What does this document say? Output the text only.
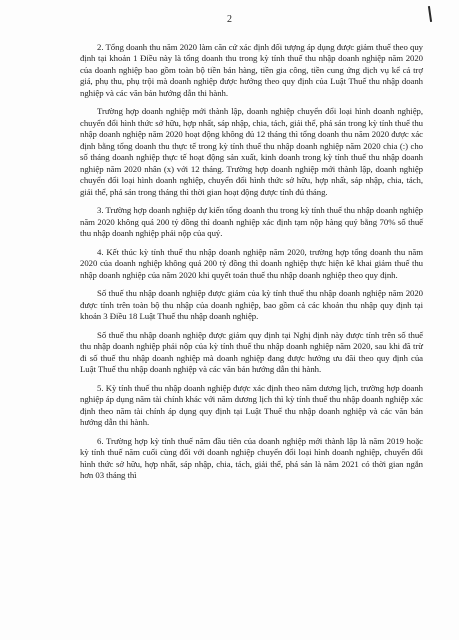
2

2. Tổng doanh thu năm 2020 làm căn cứ xác định đối tượng áp dụng được giảm thuế theo quy định tại khoản 1 Điều này là tổng doanh thu trong kỳ tính thuế thu nhập doanh nghiệp năm 2020 của doanh nghiệp bao gồm toàn bộ tiền bán hàng, tiền gia công, tiền cung ứng dịch vụ kể cả trợ giá, phụ thu, phụ trội mà doanh nghiệp được hưởng theo quy định của Luật Thuế thu nhập doanh nghiệp và các văn bản hướng dẫn thi hành.

Trường hợp doanh nghiệp mới thành lập, doanh nghiệp chuyển đổi loại hình doanh nghiệp, chuyển đổi hình thức sở hữu, hợp nhất, sáp nhập, chia, tách, giải thể, phá sản trong kỳ tính thuế thu nhập doanh nghiệp năm 2020 hoạt động không đủ 12 tháng thì tổng doanh thu năm 2020 được xác định bằng tổng doanh thu thực tế trong kỳ tính thuế thu nhập doanh nghiệp năm 2020 chia (:) cho số tháng doanh nghiệp thực tế hoạt động sản xuất, kinh doanh trong kỳ tính thuế thu nhập doanh nghiệp năm 2020 nhân (x) với 12 tháng. Trường hợp doanh nghiệp mới thành lập, doanh nghiệp chuyển đổi loại hình doanh nghiệp, chuyển đổi hình thức sở hữu, hợp nhất, sáp nhập, chia, tách, giải thể, phá sản trong tháng thì thời gian hoạt động được tính đủ tháng.

3. Trường hợp doanh nghiệp dự kiến tổng doanh thu trong kỳ tính thuế thu nhập doanh nghiệp năm 2020 không quá 200 tỷ đồng thì doanh nghiệp xác định tạm nộp hàng quý bằng 70% số thuế thu nhập doanh nghiệp phải nộp của quý.

4. Kết thúc kỳ tính thuế thu nhập doanh nghiệp năm 2020, trường hợp tổng doanh thu năm 2020 của doanh nghiệp không quá 200 tỷ đồng thì doanh nghiệp thực hiện kê khai giảm thuế thu nhập doanh nghiệp của năm 2020 khi quyết toán thuế thu nhập doanh nghiệp theo quy định.

Số thuế thu nhập doanh nghiệp được giảm của kỳ tính thuế thu nhập doanh nghiệp năm 2020 được tính trên toàn bộ thu nhập của doanh nghiệp, bao gồm cả các khoản thu nhập quy định tại khoản 3 Điều 18 Luật Thuế thu nhập doanh nghiệp.

Số thuế thu nhập doanh nghiệp được giảm quy định tại Nghị định này được tính trên số thuế thu nhập doanh nghiệp phải nộp của kỳ tính thuế thu nhập doanh nghiệp năm 2020, sau khi đã trừ đi số thuế thu nhập doanh nghiệp mà doanh nghiệp đang được hưởng ưu đãi theo quy định của Luật Thuế thu nhập doanh nghiệp và các văn bản hướng dẫn thi hành.

5. Kỳ tính thuế thu nhập doanh nghiệp được xác định theo năm dương lịch, trường hợp doanh nghiệp áp dụng năm tài chính khác với năm dương lịch thì kỳ tính thuế thu nhập doanh nghiệp xác định theo năm tài chính áp dụng quy định tại Luật Thuế thu nhập doanh nghiệp và các văn bản hướng dẫn thi hành.

6. Trường hợp kỳ tính thuế năm đầu tiên của doanh nghiệp mới thành lập là năm 2019 hoặc kỳ tính thuế năm cuối cùng đối với doanh nghiệp chuyển đổi loại hình doanh nghiệp, chuyển đổi hình thức sở hữu, hợp nhất, sáp nhập, chia, tách, giải thể, phá sản là năm 2021 có thời gian ngắn hơn 03 tháng thì
